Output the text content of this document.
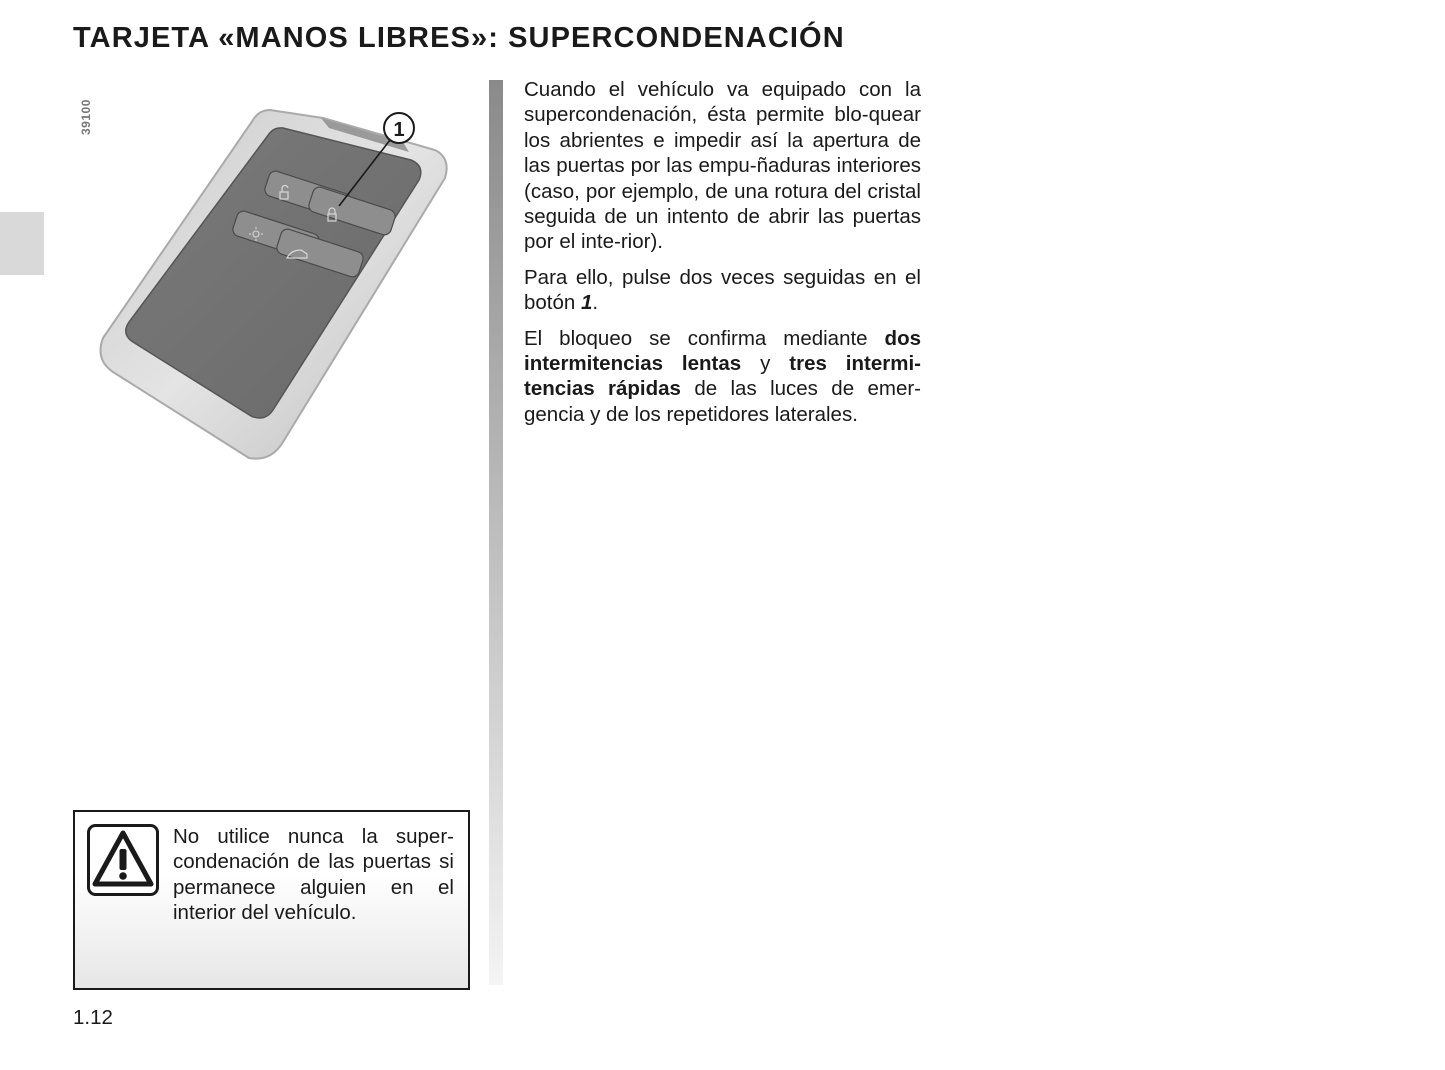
TARJETA «MANOS LIBRES»: SUPERCONDENACIÓN
1
39100

Cuando el vehículo va equipado con la supercondenación, ésta permite blo-quear los abrientes e impedir así la apertura de las puertas por las empu-ñaduras interiores (caso, por ejemplo, de una rotura del cristal seguida de un intento de abrir las puertas por el inte-rior).

Para ello, pulse dos veces seguidas en el botón 1.

El bloqueo se confirma mediante dos intermitencias lentas y tres intermi-tencias rápidas de las luces de emer-gencia y de los repetidores laterales.

No utilice nunca la super-condenación de las puertas si permanece alguien en el interior del vehículo.
1.12
